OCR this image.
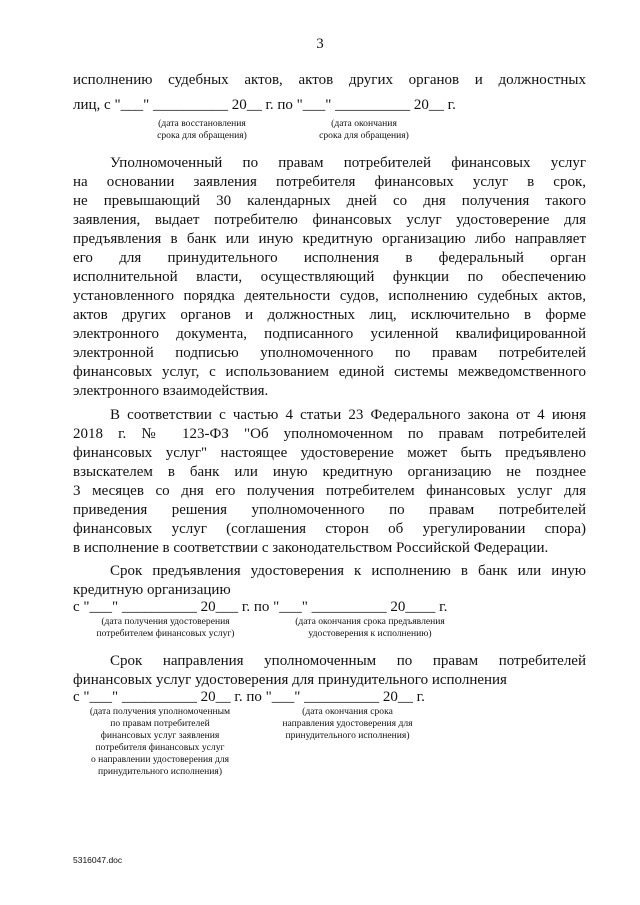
3
исполнению судебных актов, актов других органов и должностных
лиц, с "___" __________ 20__ г. по "___" __________ 20__ г.
(дата восстановления
срока для обращения)
(дата окончания
срока для обращения)
Уполномоченный по правам потребителей финансовых услуг
на основании заявления потребителя финансовых услуг в срок,
не превышающий 30 календарных дней со дня получения такого
заявления, выдает потребителю финансовых услуг удостоверение для
предъявления в банк или иную кредитную организацию либо направляет
его для принудительного исполнения в федеральный орган
исполнительной власти, осуществляющий функции по обеспечению
установленного порядка деятельности судов, исполнению судебных актов,
актов других органов и должностных лиц, исключительно в форме
электронного документа, подписанного усиленной квалифицированной
электронной подписью уполномоченного по правам потребителей
финансовых услуг, с использованием единой системы межведомственного
электронного взаимодействия.
В соответствии с частью 4 статьи 23 Федерального закона от 4 июня
2018 г. № 123-ФЗ "Об уполномоченном по правам потребителей
финансовых услуг" настоящее удостоверение может быть предъявлено
взыскателем в банк или иную кредитную организацию не позднее
3 месяцев со дня его получения потребителем финансовых услуг для
приведения решения уполномоченного по правам потребителей
финансовых услуг (соглашения сторон об урегулировании спора)
в исполнение в соответствии с законодательством Российской Федерации.
Срок предъявления удостоверения к исполнению в банк или иную
кредитную организацию
с "___" __________ 20___ г. по "___" __________ 20____ г.
(дата получения удостоверения
потребителем финансовых услуг)
(дата окончания срока предъявления
удостоверения к исполнению)
Срок направления уполномоченным по правам потребителей
финансовых услуг удостоверения для принудительного исполнения
с "___" __________ 20__ г. по "___" __________ 20__ г.
(дата получения уполномоченным
по правам потребителей
финансовых услуг заявления
потребителя финансовых услуг
о направлении удостоверения для
принудительного исполнения)
(дата окончания срока
направления удостоверения для
принудительного исполнения)
5316047.doc
